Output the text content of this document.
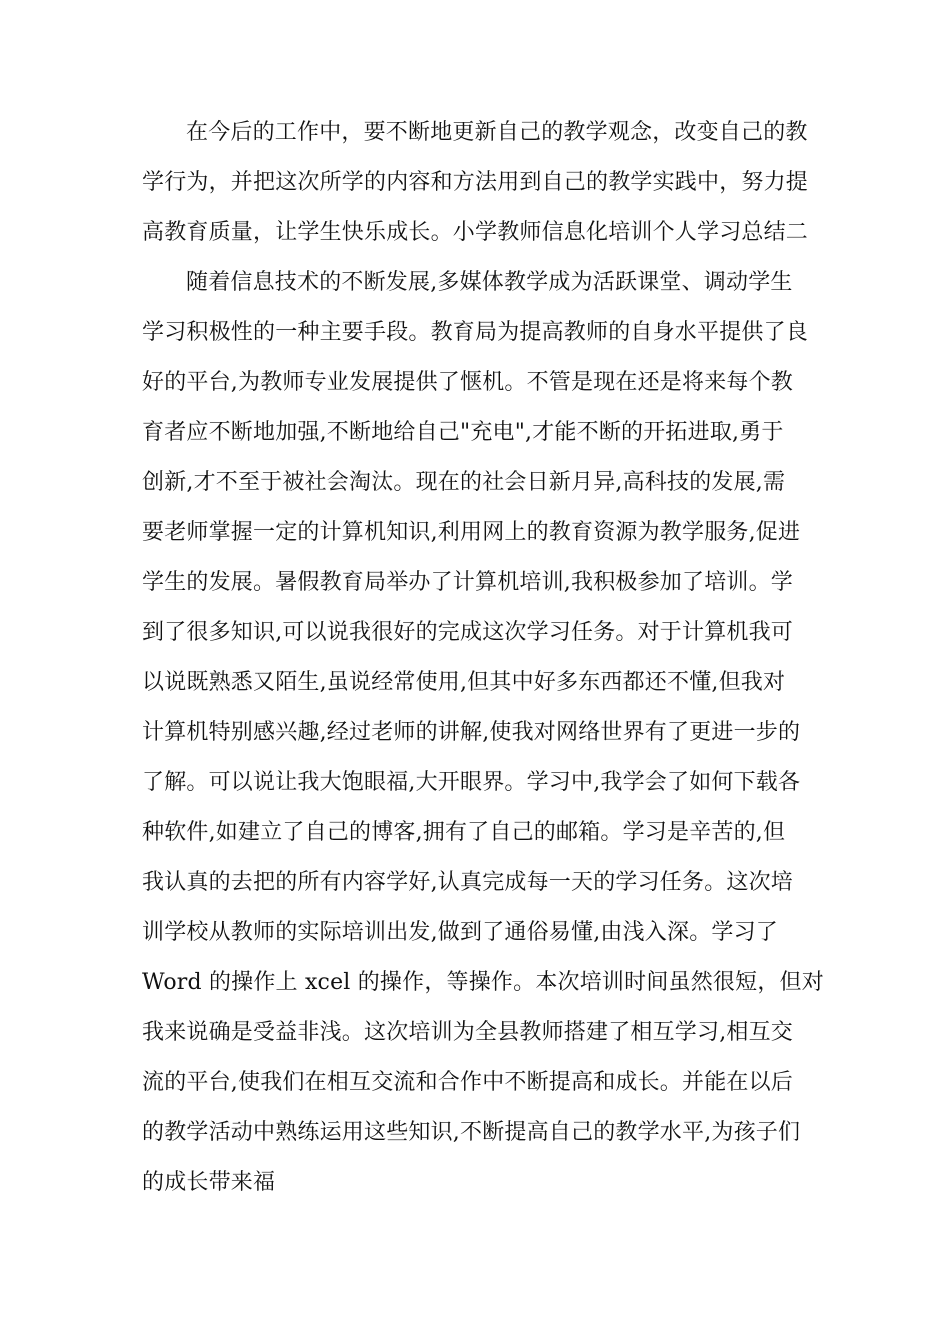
在今后的工作中，要不断地更新自己的教学观念，改变自己的教
学行为，并把这次所学的内容和方法用到自己的教学实践中，努力提
高教育质量，让学生快乐成长。小学教师信息化培训个人学习总结二
随着信息技术的不断发展,多媒体教学成为活跃课堂、调动学生
学习积极性的一种主要手段。教育局为提高教师的自身水平提供了良
好的平台,为教师专业发展提供了惬机。不管是现在还是将来每个教
育者应不断地加强,不断地给自己"充电",才能不断的开拓进取,勇于
创新,才不至于被社会淘汰。现在的社会日新月异,高科技的发展,需
要老师掌握一定的计算机知识,利用网上的教育资源为教学服务,促进
学生的发展。暑假教育局举办了计算机培训,我积极参加了培训。学
到了很多知识,可以说我很好的完成这次学习任务。对于计算机我可
以说既熟悉又陌生,虽说经常使用,但其中好多东西都还不懂,但我对
计算机特别感兴趣,经过老师的讲解,使我对网络世界有了更进一步的
了解。可以说让我大饱眼福,大开眼界。学习中,我学会了如何下载各
种软件,如建立了自己的博客,拥有了自己的邮箱。学习是辛苦的,但
我认真的去把的所有内容学好,认真完成每一天的学习任务。这次培
训学校从教师的实际培训出发,做到了通俗易懂,由浅入深。学习了
Word 的操作上 xcel 的操作，等操作。本次培训时间虽然很短，但对
我来说确是受益非浅。这次培训为全县教师搭建了相互学习,相互交
流的平台,使我们在相互交流和合作中不断提高和成长。并能在以后
的教学活动中熟练运用这些知识,不断提高自己的教学水平,为孩子们
的成长带来福
